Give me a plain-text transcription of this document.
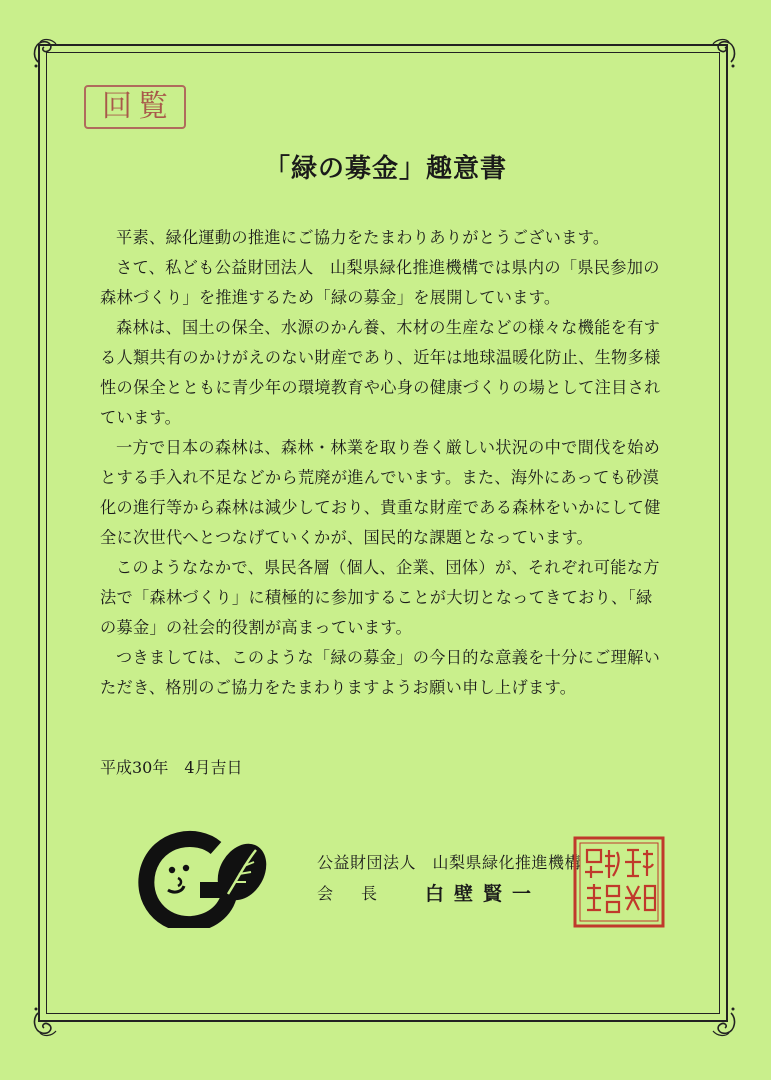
回覧
「緑の募金」趣意書

平素、緑化運動の推進にご協力をたまわりありがとうございます。

さて、私ども公益財団法人　山梨県緑化推進機構では県内の「県民参加の森林づくり」を推進するため「緑の募金」を展開しています。

森林は、国土の保全、水源のかん養、木材の生産などの様々な機能を有する人類共有のかけがえのない財産であり、近年は地球温暖化防止、生物多様性の保全とともに青少年の環境教育や心身の健康づくりの場として注目されています。

一方で日本の森林は、森林・林業を取り巻く厳しい状況の中で間伐を始めとする手入れ不足などから荒廃が進んでいます。また、海外にあっても砂漠化の進行等から森林は減少しており、貴重な財産である森林をいかにして健全に次世代へとつなげていくかが、国民的な課題となっています。

このようななかで、県民各層（個人、企業、団体）が、それぞれ可能な方法で「森林づくり」に積極的に参加することが大切となってきており、「緑の募金」の社会的役割が高まっています。

つきましては、このような「緑の募金」の今日的な意義を十分にご理解いただき、格別のご協力をたまわりますようお願い申し上げます。

平成30年　4月吉日
公益財団法人　山梨県緑化推進機構
会長 白壁賢一
